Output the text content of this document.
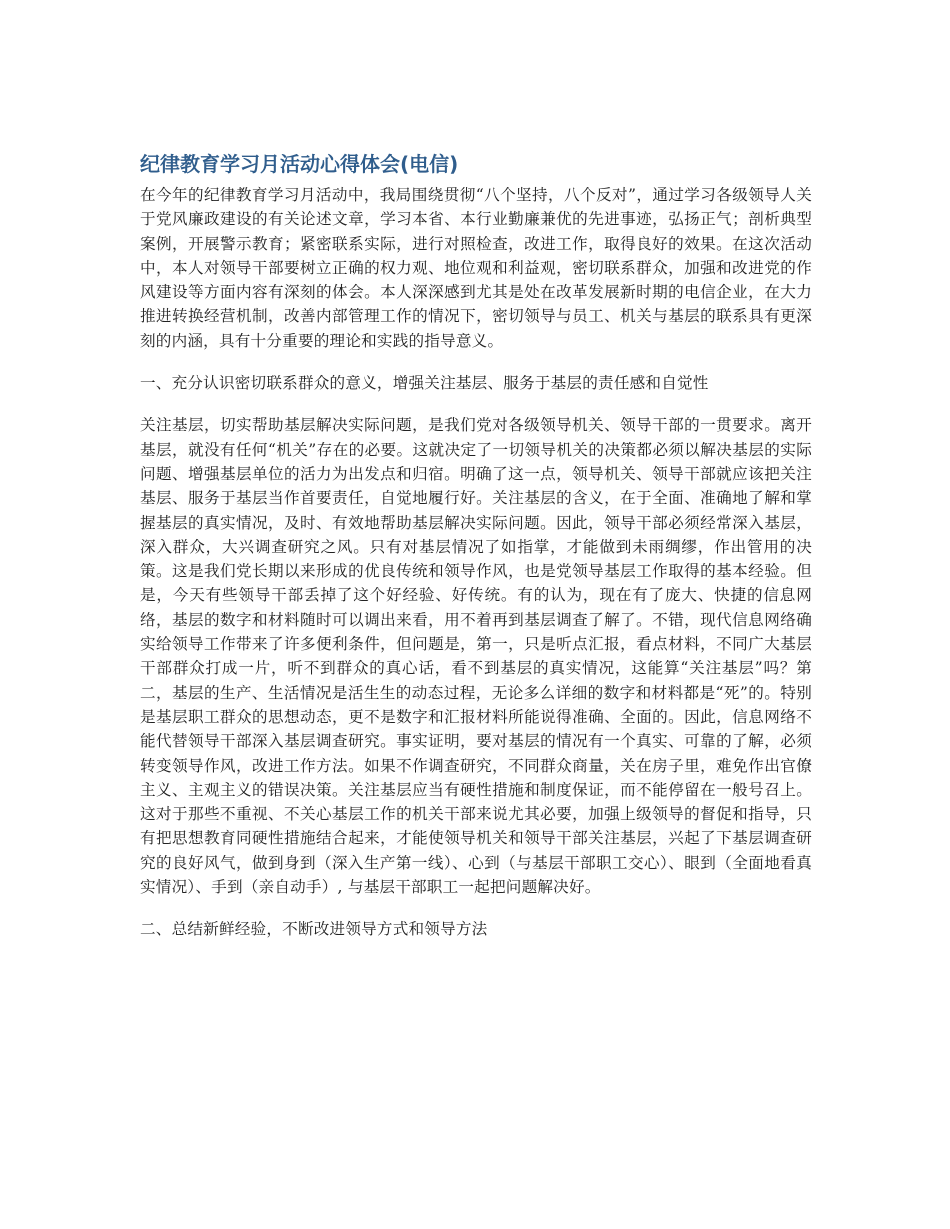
纪律教育学习月活动心得体会(电信)

在今年的纪律教育学习月活动中，我局围绕贯彻“八个坚持，八个反对”，通过学习各级领导人关于党风廉政建设的有关论述文章，学习本省、本行业勤廉兼优的先进事迹，弘扬正气；剖析典型案例，开展警示教育；紧密联系实际，进行对照检查，改进工作，取得良好的效果。在这次活动中，本人对领导干部要树立正确的权力观、地位观和利益观，密切联系群众，加强和改进党的作风建设等方面内容有深刻的体会。本人深深感到尤其是处在改革发展新时期的电信企业，在大力推进转换经营机制，改善内部管理工作的情况下，密切领导与员工、机关与基层的联系具有更深刻的内涵，具有十分重要的理论和实践的指导意义。

一、充分认识密切联系群众的意义，增强关注基层、服务于基层的责任感和自觉性

关注基层，切实帮助基层解决实际问题，是我们党对各级领导机关、领导干部的一贯要求。离开基层，就没有任何“机关”存在的必要。这就决定了一切领导机关的决策都必须以解决基层的实际问题、增强基层单位的活力为出发点和归宿。明确了这一点，领导机关、领导干部就应该把关注基层、服务于基层当作首要责任，自觉地履行好。关注基层的含义，在于全面、准确地了解和掌握基层的真实情况，及时、有效地帮助基层解决实际问题。因此，领导干部必须经常深入基层，深入群众，大兴调查研究之风。只有对基层情况了如指掌，才能做到未雨绸缪，作出管用的决策。这是我们党长期以来形成的优良传统和领导作风，也是党领导基层工作取得的基本经验。但是，今天有些领导干部丢掉了这个好经验、好传统。有的认为，现在有了庞大、快捷的信息网络，基层的数字和材料随时可以调出来看，用不着再到基层调查了解了。不错，现代信息网络确实给领导工作带来了许多便利条件，但问题是，第一，只是听点汇报，看点材料，不同广大基层干部群众打成一片，听不到群众的真心话，看不到基层的真实情况，这能算“关注基层”吗？第二，基层的生产、生活情况是活生生的动态过程，无论多么详细的数字和材料都是“死”的。特别是基层职工群众的思想动态，更不是数字和汇报材料所能说得准确、全面的。因此，信息网络不能代替领导干部深入基层调查研究。事实证明，要对基层的情况有一个真实、可靠的了解，必须转变领导作风，改进工作方法。如果不作调查研究，不同群众商量，关在房子里，难免作出官僚主义、主观主义的错误决策。关注基层应当有硬性措施和制度保证，而不能停留在一般号召上。这对于那些不重视、不关心基层工作的机关干部来说尤其必要，加强上级领导的督促和指导，只有把思想教育同硬性措施结合起来，才能使领导机关和领导干部关注基层，兴起了下基层调查研究的良好风气，做到身到（深入生产第一线）、心到（与基层干部职工交心）、眼到（全面地看真实情况）、手到（亲自动手）, 与基层干部职工一起把问题解决好。

二、总结新鲜经验，不断改进领导方式和领导方法
